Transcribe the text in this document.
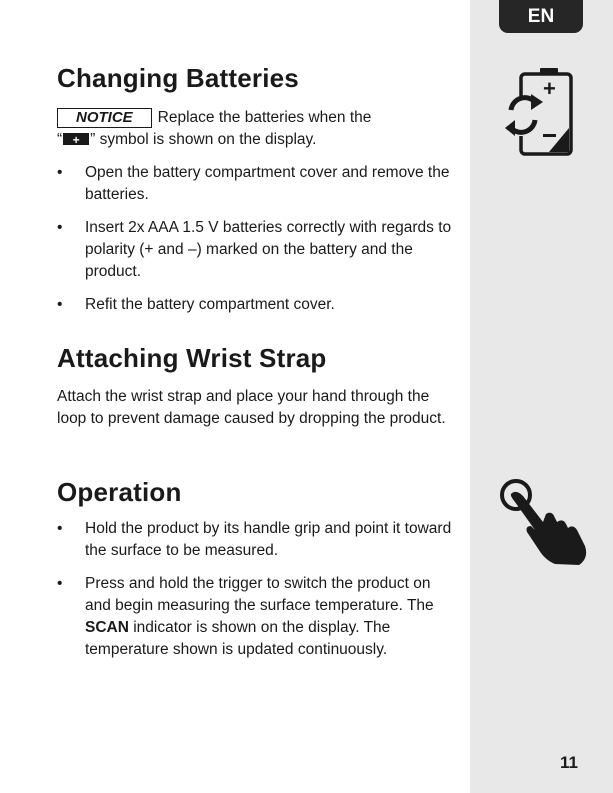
EN
+
Changing Batteries
NOTICE Replace the batteries when the
“+ ” symbol is shown on the display.
• Open the battery compartment cover and remove the batteries.
• Insert 2x AAA 1.5 V batteries correctly with regards to polarity (+ and –) marked on the battery and the product.
• Refit the battery compartment cover.
Attaching Wrist Strap
Attach the wrist strap and place your hand through the loop to prevent damage caused by dropping the product.
Operation
• Hold the product by its handle grip and point it toward the surface to be measured.
• Press and hold the trigger to switch the product on and begin measuring the surface temperature. The SCAN indicator is shown on the display. The temperature shown is updated continuously.
11
